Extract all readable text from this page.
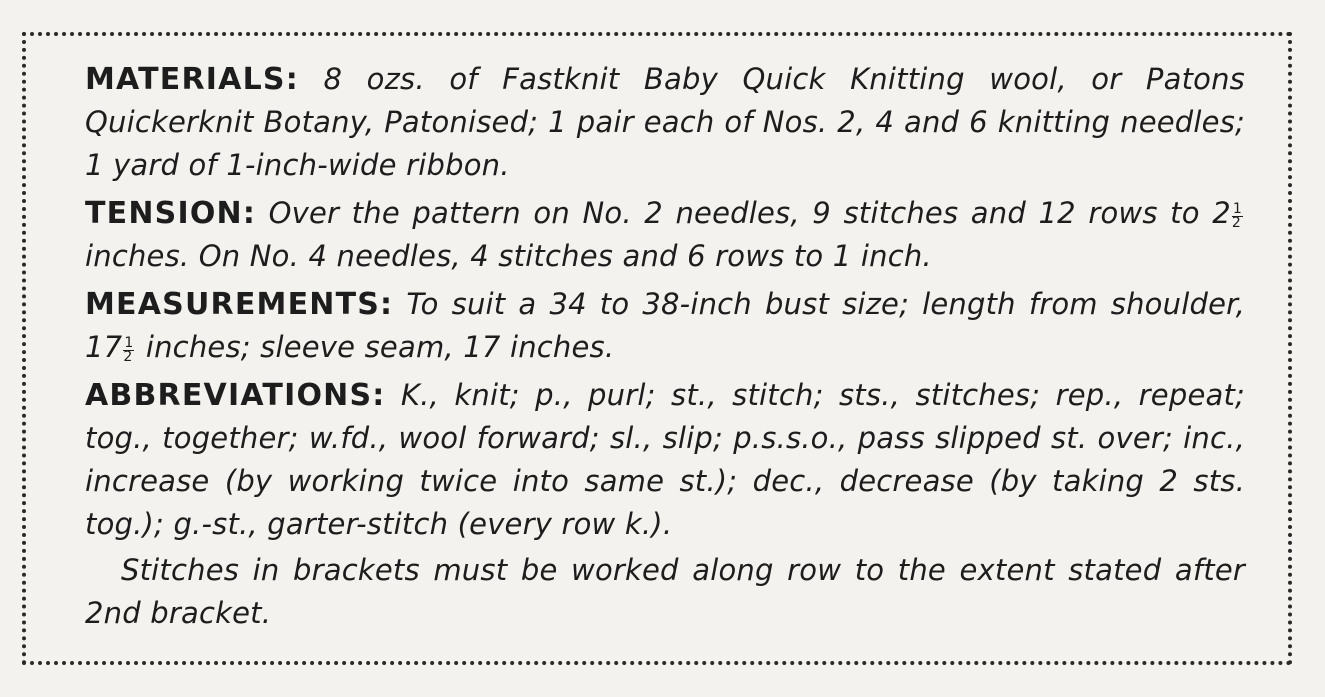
MATERIALS: 8 ozs. of Fastknit Baby Quick Knitting wool, or Patons Quickerknit Botany, Patonised; 1 pair each of Nos. 2, 4 and 6 knitting needles; 1 yard of 1-inch-wide ribbon.

TENSION: Over the pattern on No. 2 needles, 9 stitches and 12 rows to $2 \frac{1}{2}$
inches. On No. 4 needles, 4 stitches and 6 rows to 1 inch.

MEASUREMENTS: To suit a 34 to 38-inch bust size; length from shoulder, $17 \frac{1}{2}$ inches; sleeve seam, 17 inches.

ABBREVIATIONS: K., knit; p., purl; st., stitch; sts., stitches; rep., repeat; tog., together; w.fd., wool forward; sl., slip; p.s.s.o., pass slipped st. over; inc., increase (by working twice into same st.); dec., decrease (by taking 2 sts. tog.); g.-st., garter-stitch (every row k.).

Stitches in brackets must be worked along row to the extent stated after 2nd bracket.
